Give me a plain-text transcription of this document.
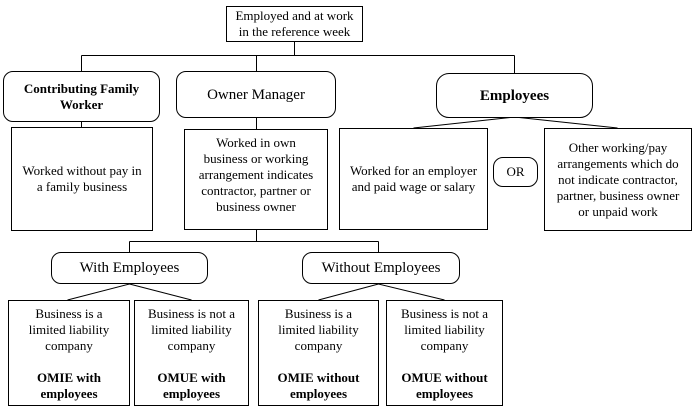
Employed and at work
in the reference week
Contributing Family
Worker
Owner Manager	Employees
Worked without pay in
a family business
Worked in own
business or working
arrangement indicates
contractor, partner or
business owner
Worked for an employer
and paid wage or salary
OR
Other working/pay
arrangements which do
not indicate contractor,
partner, business owner
or unpaid work
With Employees	Without Employees
Business is a
limited liability
company
OMIE with
employees
Business is not a
limited liability
company
OMUE with
employees
Business is a
limited liability
company
OMIE without
employees
Business is not a
limited liability
company
OMUE without
employees
